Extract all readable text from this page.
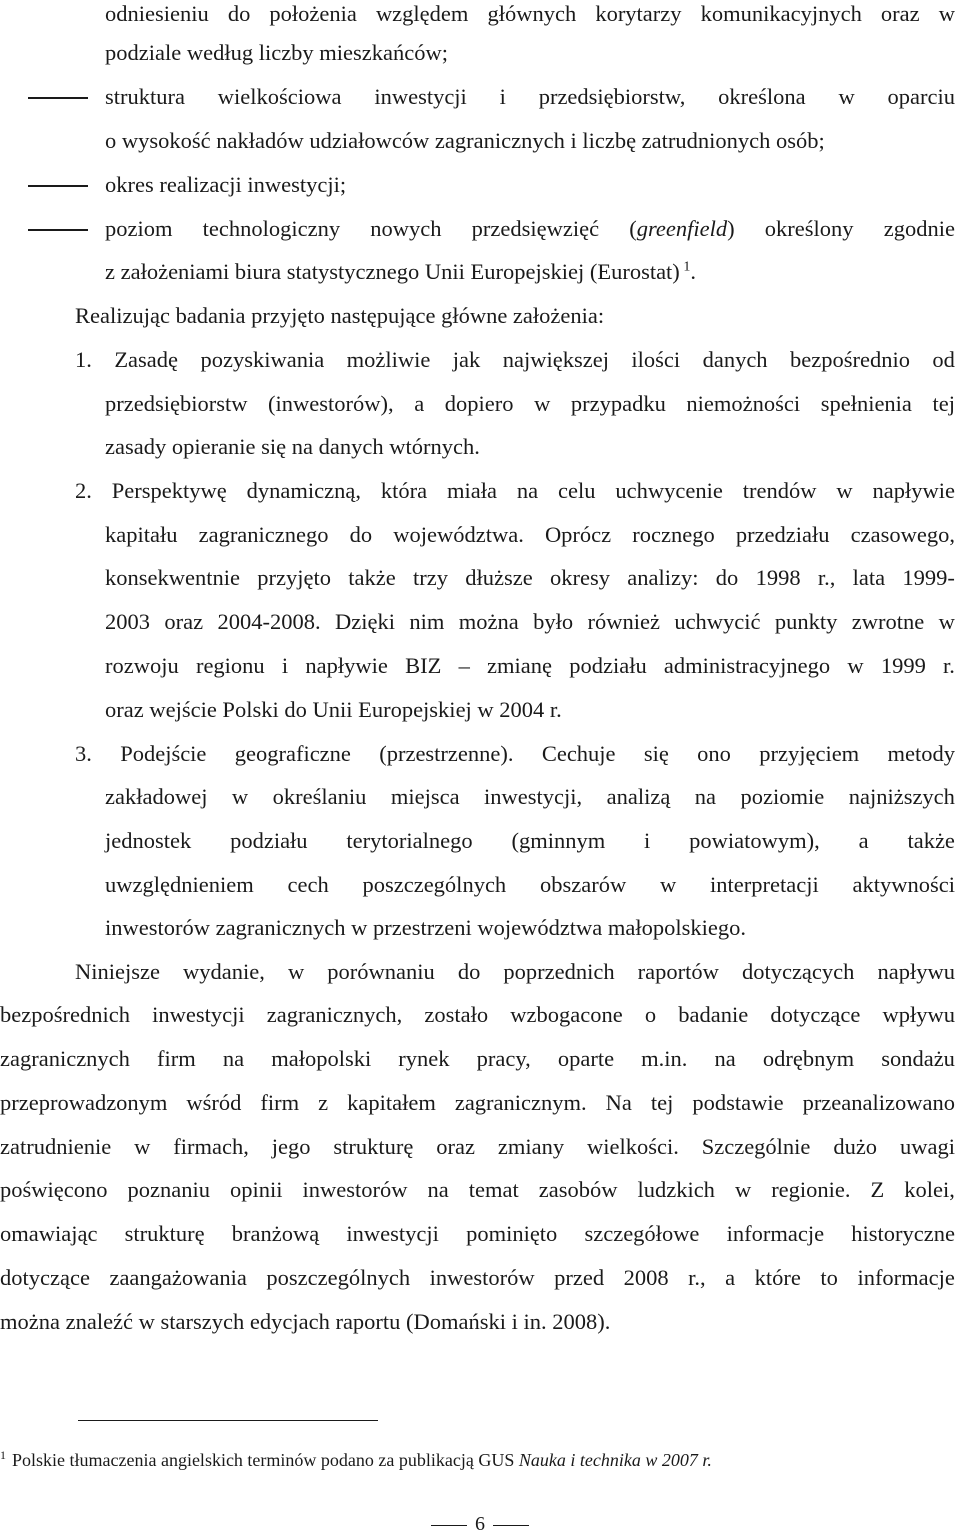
odniesieniu do położenia względem głównych korytarzy komunikacyjnych oraz w
podziale według liczby mieszkańców;
struktura wielkościowa inwestycji i przedsiębiorstw, określona w oparciu
o wysokość nakładów udziałowców zagranicznych i liczbę zatrudnionych osób;
okres realizacji inwestycji;
poziom technologiczny nowych przedsięwzięć (greenfield) określony zgodnie
z założeniami biura statystycznego Unii Europejskiej (Eurostat) $^1$.
Realizując badania przyjęto następujące główne założenia:
1. Zasadę pozyskiwania możliwie jak największej ilości danych bezpośrednio od
przedsiębiorstw (inwestorów), a dopiero w przypadku niemożności spełnienia tej
zasady opieranie się na danych wtórnych.
2. Perspektywę dynamiczną, która miała na celu uchwycenie trendów w napływie
kapitału zagranicznego do województwa. Oprócz rocznego przedziału czasowego,
konsekwentnie przyjęto także trzy dłuższe okresy analizy: do 1998 r., lata 1999-
2003 oraz 2004-2008. Dzięki nim można było również uchwycić punkty zwrotne w
rozwoju regionu i napływie BIZ – zmianę podziału administracyjnego w 1999 r.
oraz wejście Polski do Unii Europejskiej w 2004 r.
3. Podejście geograficzne (przestrzenne). Cechuje się ono przyjęciem metody
zakładowej w określaniu miejsca inwestycji, analizą na poziomie najniższych
jednostek podziału terytorialnego (gminnym i powiatowym), a także
uwzględnieniem cech poszczególnych obszarów w interpretacji aktywności
inwestorów zagranicznych w przestrzeni województwa małopolskiego.
Niniejsze wydanie, w porównaniu do poprzednich raportów dotyczących napływu
bezpośrednich inwestycji zagranicznych, zostało wzbogacone o badanie dotyczące wpływu
zagranicznych firm na małopolski rynek pracy, oparte m.in. na odrębnym sondażu
przeprowadzonym wśród firm z kapitałem zagranicznym. Na tej podstawie przeanalizowano
zatrudnienie w firmach, jego strukturę oraz zmiany wielkości. Szczególnie dużo uwagi
poświęcono poznaniu opinii inwestorów na temat zasobów ludzkich w regionie. Z kolei,
omawiając strukturę branżową inwestycji pominięto szczegółowe informacje historyczne
dotyczące zaangażowania poszczególnych inwestorów przed 2008 r., a które to informacje
można znaleźć w starszych edycjach raportu (Domański i in. 2008).
$^1$ Polskie tłumaczenia angielskich terminów podano za publikacją GUS Nauka i technika w 2007 r.
6
